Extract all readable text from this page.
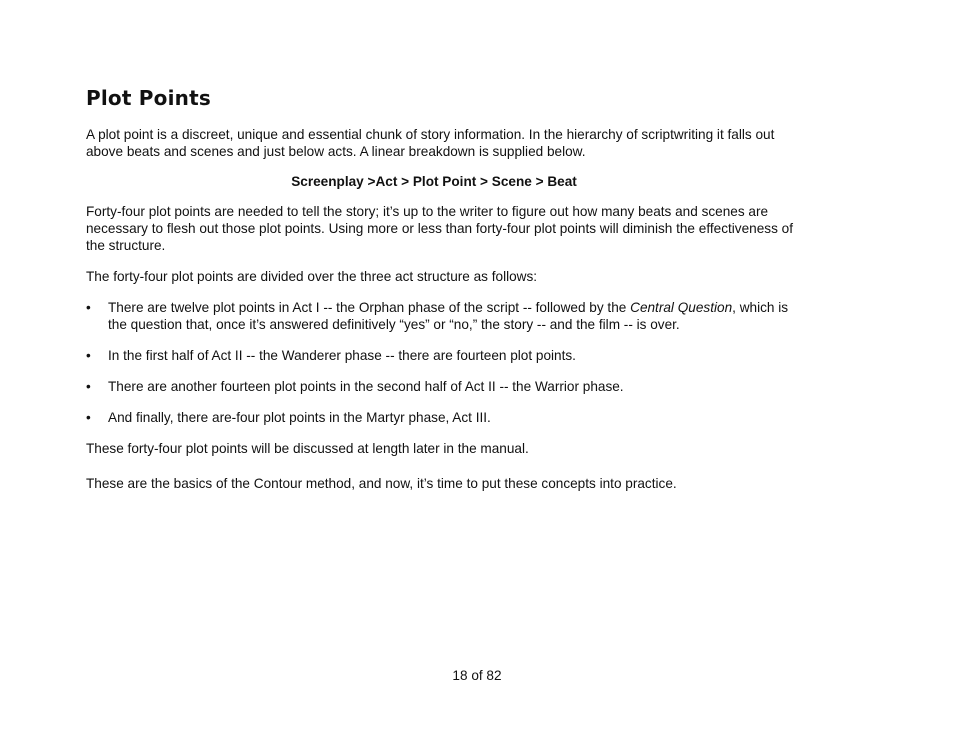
Plot Points

A plot point is a discreet, unique and essential chunk of story information. In the hierarchy of scriptwriting it falls out above beats and scenes and just below acts. A linear breakdown is supplied below.

Screenplay >Act > Plot Point > Scene > Beat

Forty-four plot points are needed to tell the story; it’s up to the writer to figure out how many beats and scenes are necessary to flesh out those plot points. Using more or less than forty-four plot points will diminish the effectiveness of the structure.

The forty-four plot points are divided over the three act structure as follows:

• There are twelve plot points in Act I -- the Orphan phase of the script -- followed by the Central Question, which is the question that, once it’s answered definitively “yes” or “no,” the story -- and the film -- is over.
• In the first half of Act II -- the Wanderer phase -- there are fourteen plot points.
• There are another fourteen plot points in the second half of Act II -- the Warrior phase.
• And finally, there are-four plot points in the Martyr phase, Act III.

These forty-four plot points will be discussed at length later in the manual.

These are the basics of the Contour method, and now, it’s time to put these concepts into practice.

18 of 82
